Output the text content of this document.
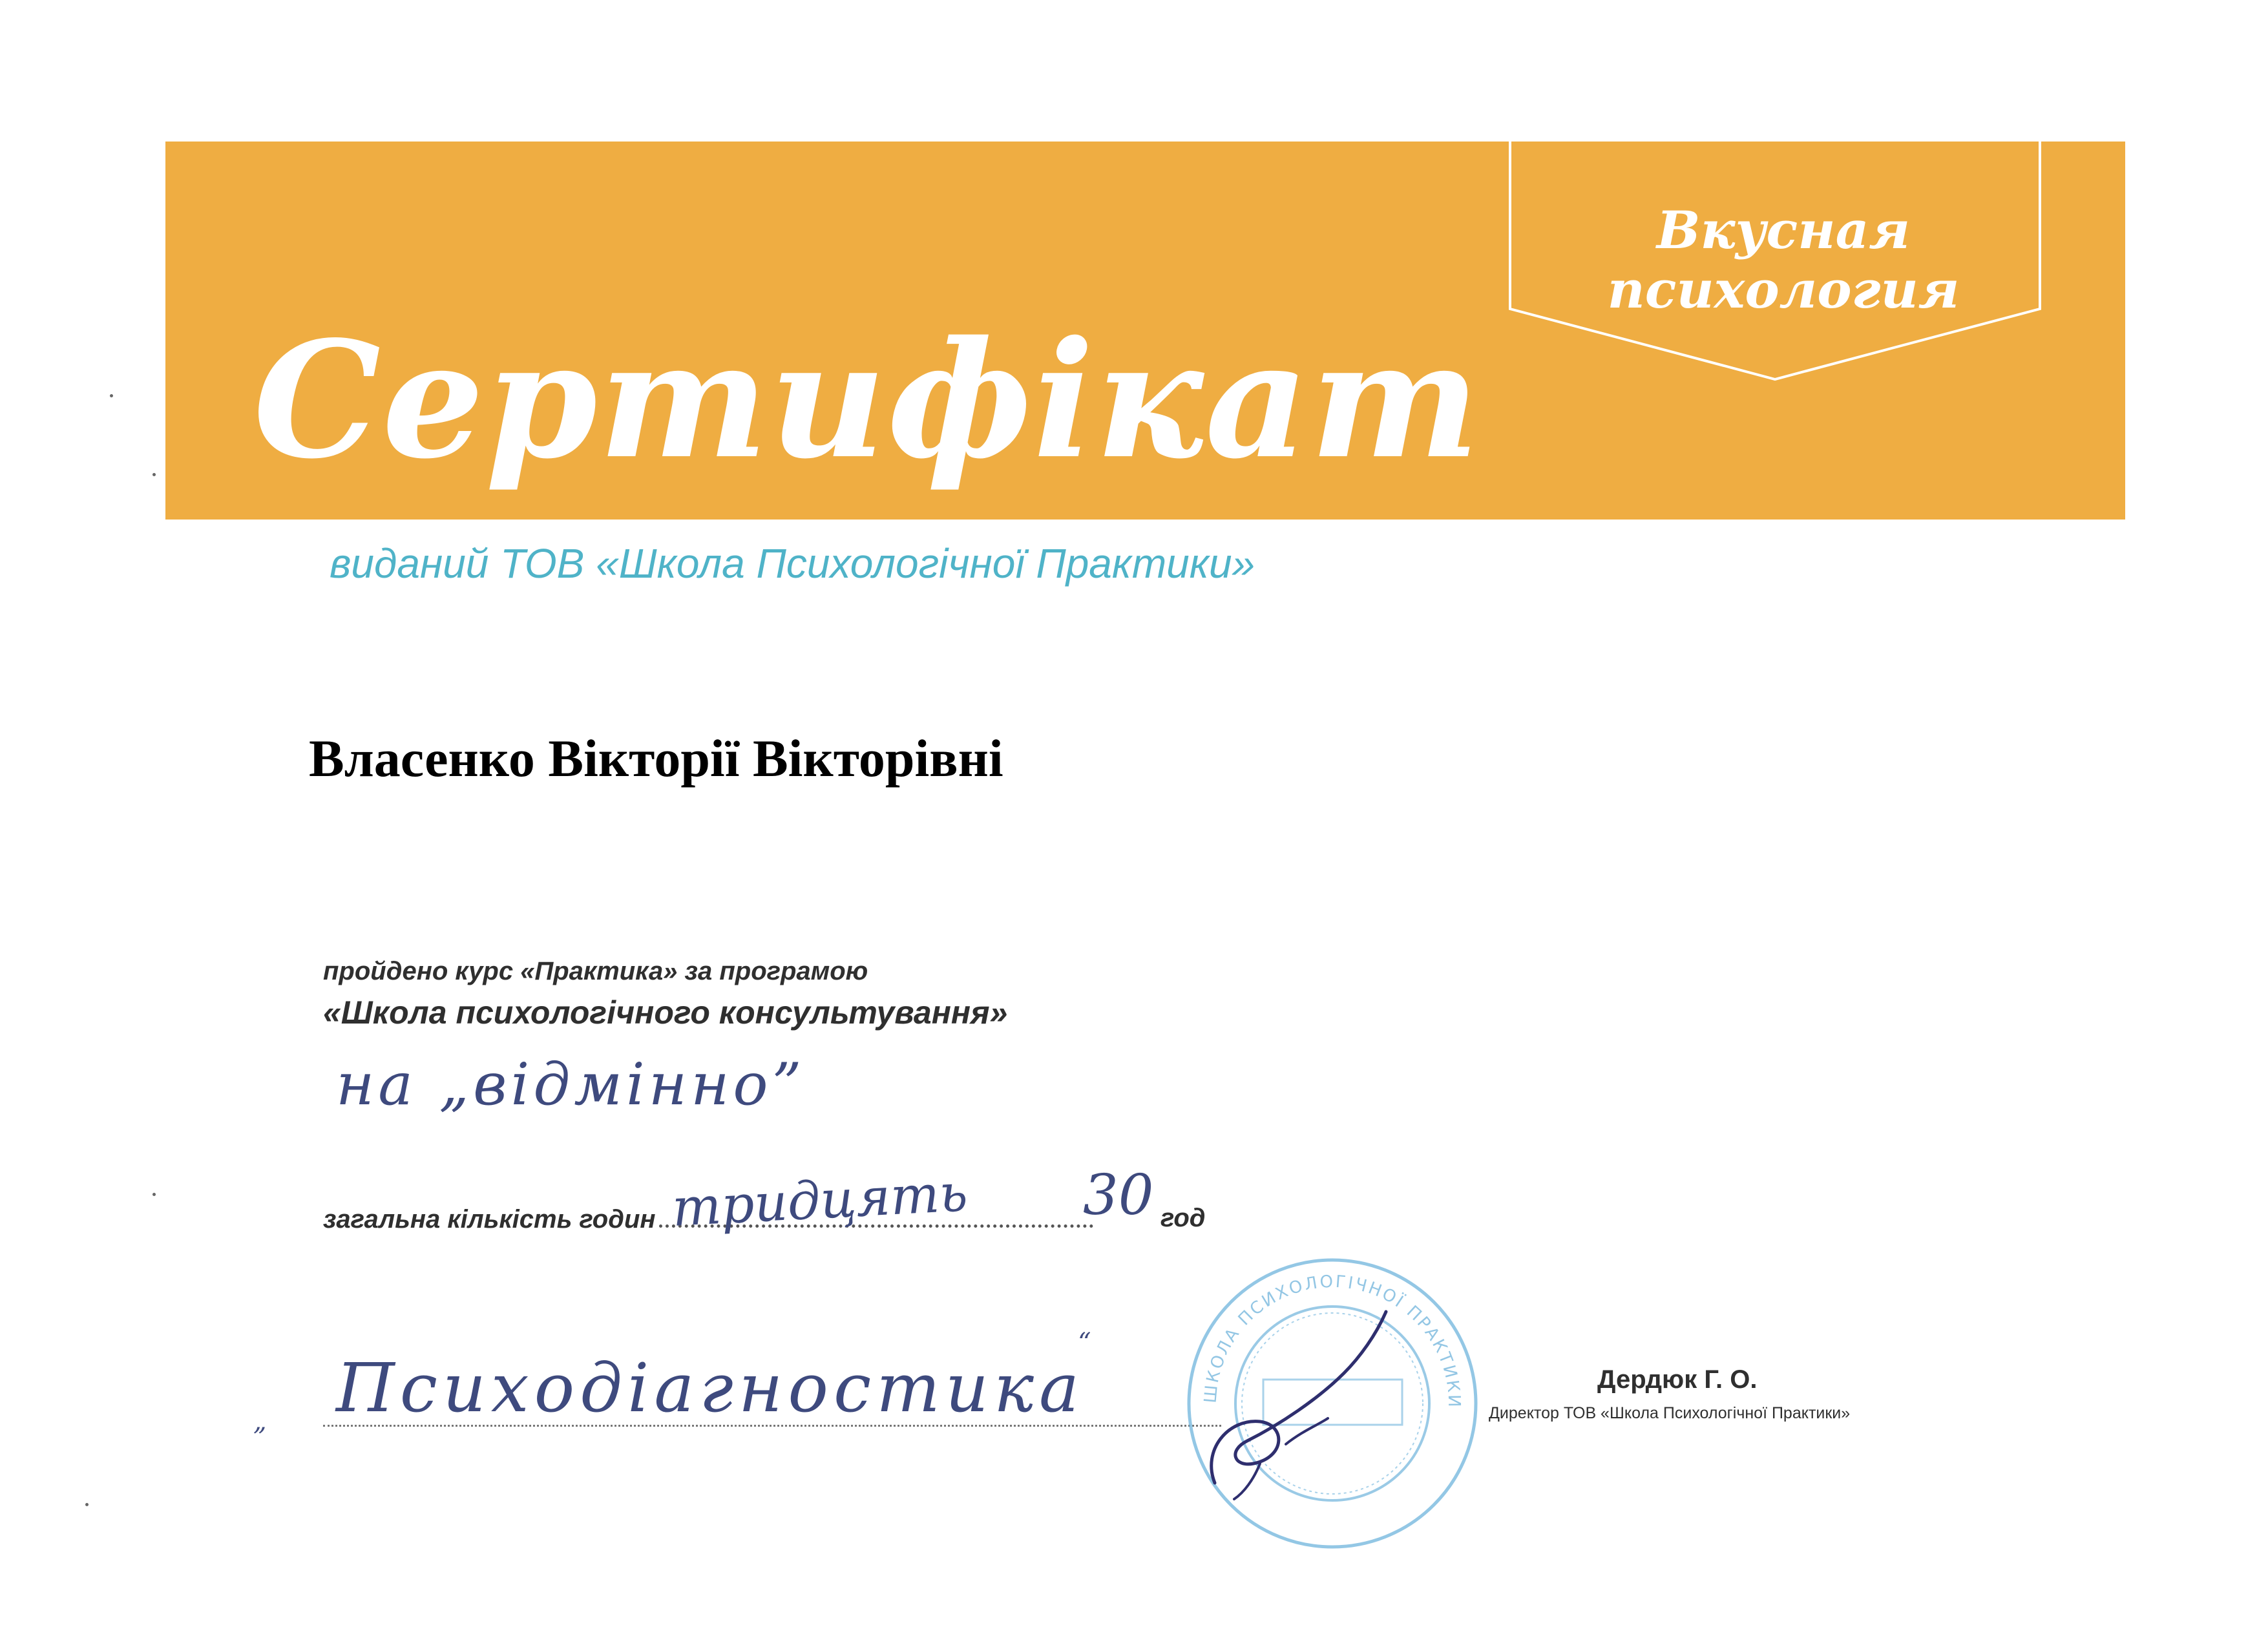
Вкусная психология
Сертифікат
виданий ТОВ «Школа Психологічної Практики»
Власенко Вікторії Вікторівні
пройдено курс «Практика» за програмою
«Школа психологічного консультування»
на „відмінно”
загальна кількість годин тридцять 30 год
„ Психодіагностика
“
ШКОЛА ПСИХОЛОГІЧНОЇ ПРАКТИКИ
Дердюк Г. О.
Директор ТОВ «Школа Психологічної Практики»
